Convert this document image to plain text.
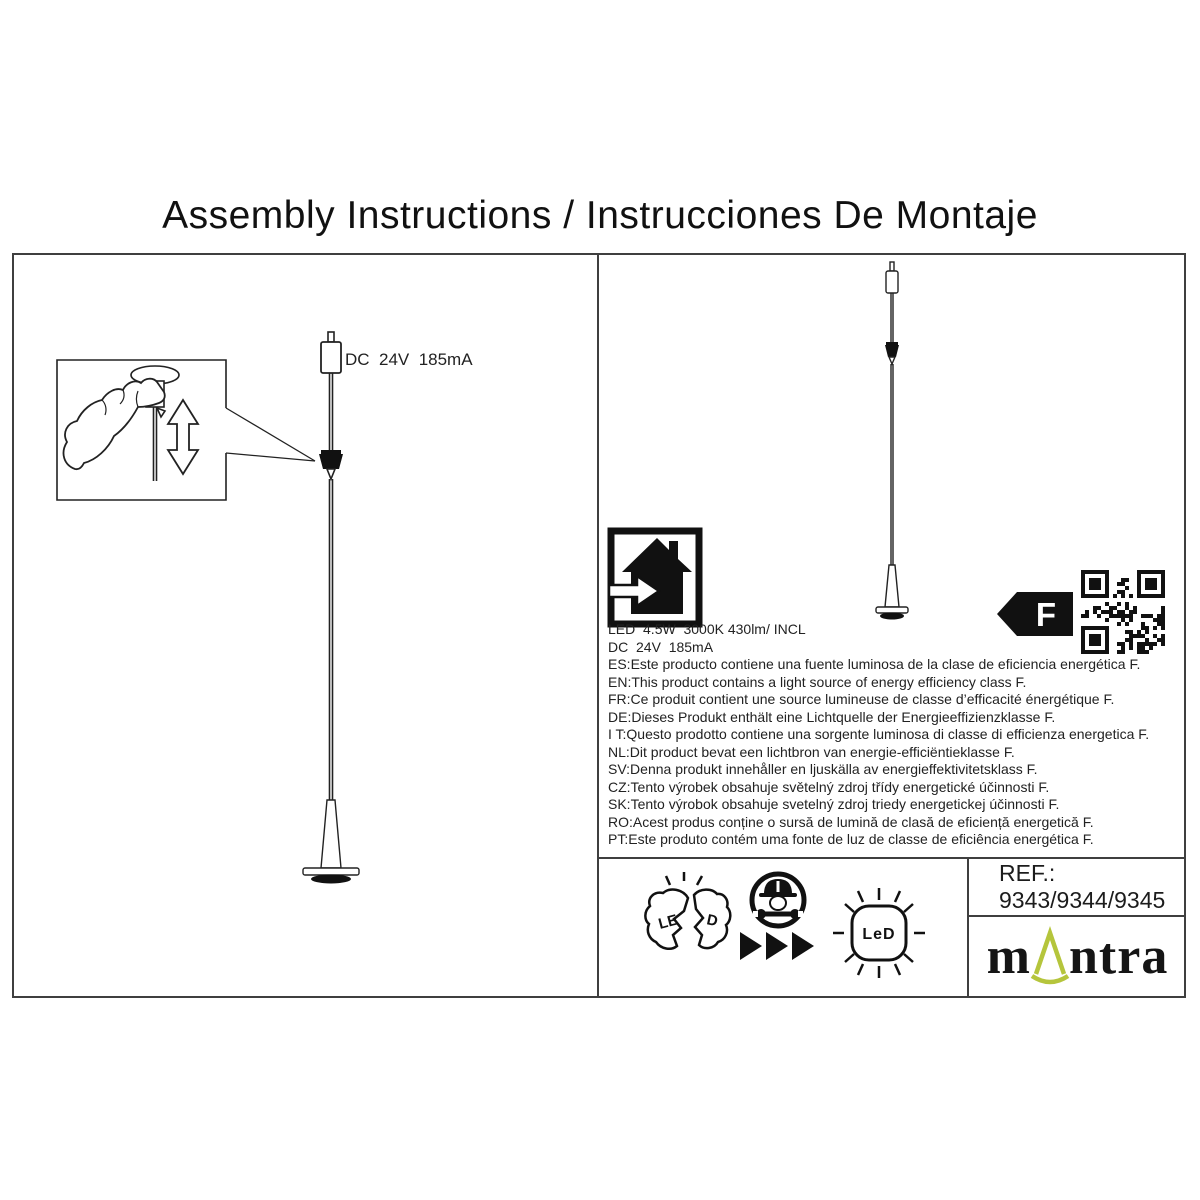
Assembly Instructions / Instrucciones De Montaje
DC  24V  185mA
F
LED  4.5W  3000K 430lm/ INCL
DC  24V  185mA
ES:Este producto contiene una fuente luminosa de la clase de eficiencia energética F.
EN:This product contains a light source of energy efficiency class F.
FR:Ce produit contient une source lumineuse de classe d’efficacité énergétique F.
DE:Dieses Produkt enthält eine Lichtquelle der Energieeffizienzklasse F.
I T:Questo prodotto contiene una sorgente luminosa di classe di efficienza energetica F.
NL:Dit product bevat een lichtbron van energie-efficiëntieklasse F.
SV:Denna produkt innehåller en ljuskälla av energieffektivitetsklass F.
CZ:Tento výrobek obsahuje světelný zdroj třídy energetické účinnosti F.
SK:Tento výrobok obsahuje svetelný zdroj triedy energetickej účinnosti F.
RO:Acest produs conține o sursă de lumină de clasă de eficiență energetică F.
PT:Este produto contém uma fonte de luz de classe de eficiência energética F.
LE D
LeD
REF.:
9343/9344/9345
m ntra
